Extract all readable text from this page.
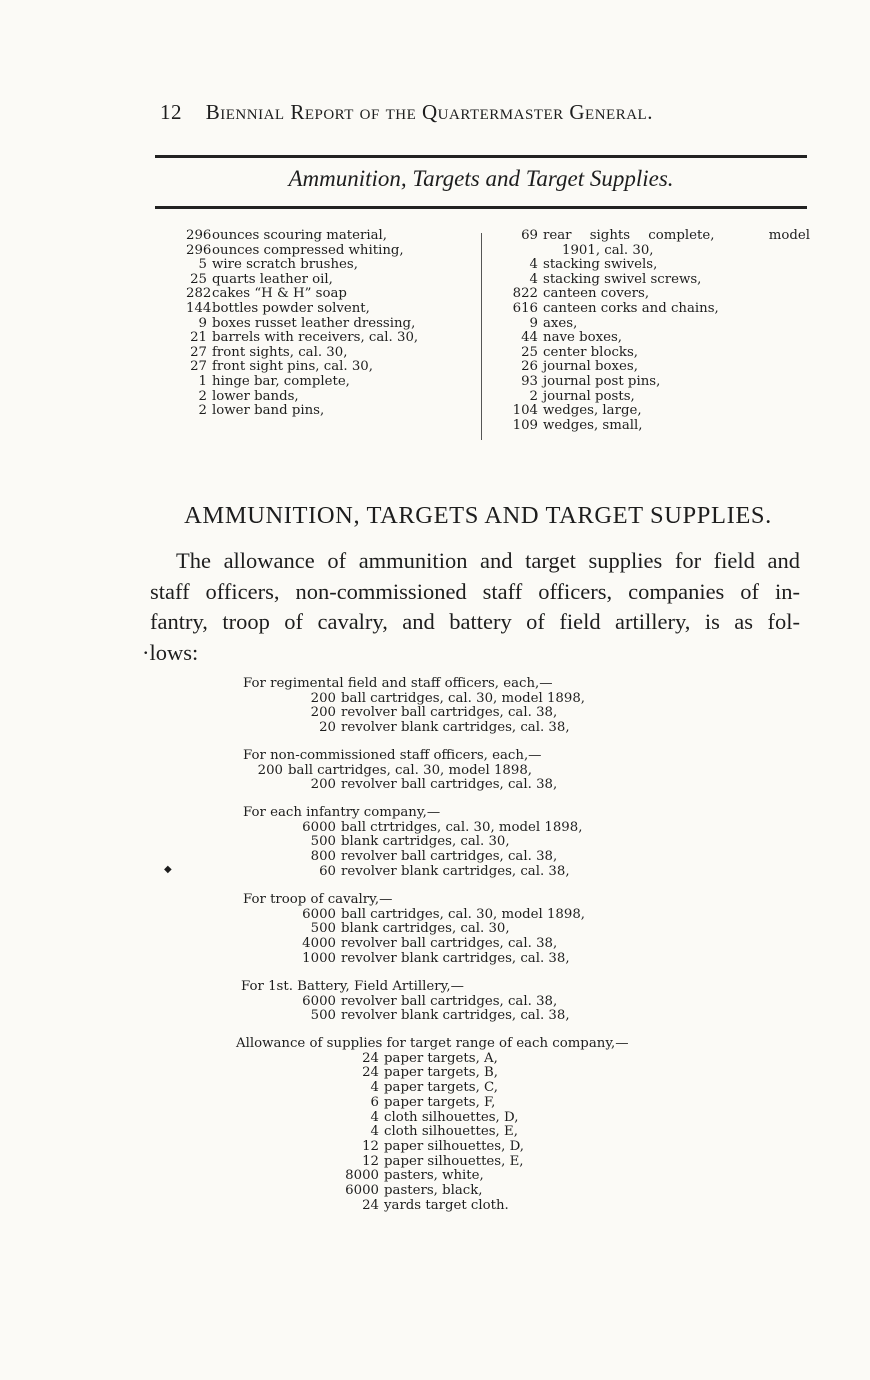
12 Biennial Report of the Quartermaster General.
Ammunition, Targets and Target Supplies.
296 ounces scouring material,
296 ounces compressed whiting,
5 wire scratch brushes,
25 quarts leather oil,
282 cakes “H & H” soap
144 bottles powder solvent,
9 boxes russet leather dressing,
21 barrels with receivers, cal. 30,
27 front sights, cal. 30,
27 front sight pins, cal. 30,
1 hinge bar, complete,
2 lower bands,
2 lower band pins,
69 rear sights complete,	model
1901, cal. 30,
4 stacking swivels,
4 stacking swivel screws,
822 canteen covers,
616 canteen corks and chains,
9 axes,
44 nave boxes,
25 center blocks,
26 journal boxes,
93 journal post pins,
2 journal posts,
104 wedges, large,
109 wedges, small,
AMMUNITION, TARGETS AND TARGET SUPPLIES.
The allowance of ammunition and target supplies for field and
staff officers, non-commissioned staff officers, companies of in-
fantry, troop of cavalry, and battery of field artillery, is as fol-
·lows:
For regimental field and staff officers, each,—
200 ball cartridges, cal. 30, model 1898,
200 revolver ball cartridges, cal. 38,
20 revolver blank cartridges, cal. 38,
For non-commissioned staff officers, each,—
200 ball cartridges, cal. 30, model 1898,
200 revolver ball cartridges, cal. 38,
For each infantry company,—
6000 ball ctrtridges, cal. 30, model 1898,
500 blank cartridges, cal. 30,
800 revolver ball cartridges, cal. 38,
60 revolver blank cartridges, cal. 38,
◆
For troop of cavalry,—
6000 ball cartridges, cal. 30, model 1898,
500 blank cartridges, cal. 30,
4000 revolver ball cartridges, cal. 38,
1000 revolver blank cartridges, cal. 38,
For 1st. Battery, Field Artillery,—
6000 revolver ball cartridges, cal. 38,
500 revolver blank cartridges, cal. 38,
Allowance of supplies for target range of each company,—
24 paper targets, A,
24 paper targets, B,
4 paper targets, C,
6 paper targets, F,
4 cloth silhouettes, D,
4 cloth silhouettes, E,
12 paper silhouettes, D,
12 paper silhouettes, E,
8000 pasters, white,
6000 pasters, black,
24 yards target cloth.
